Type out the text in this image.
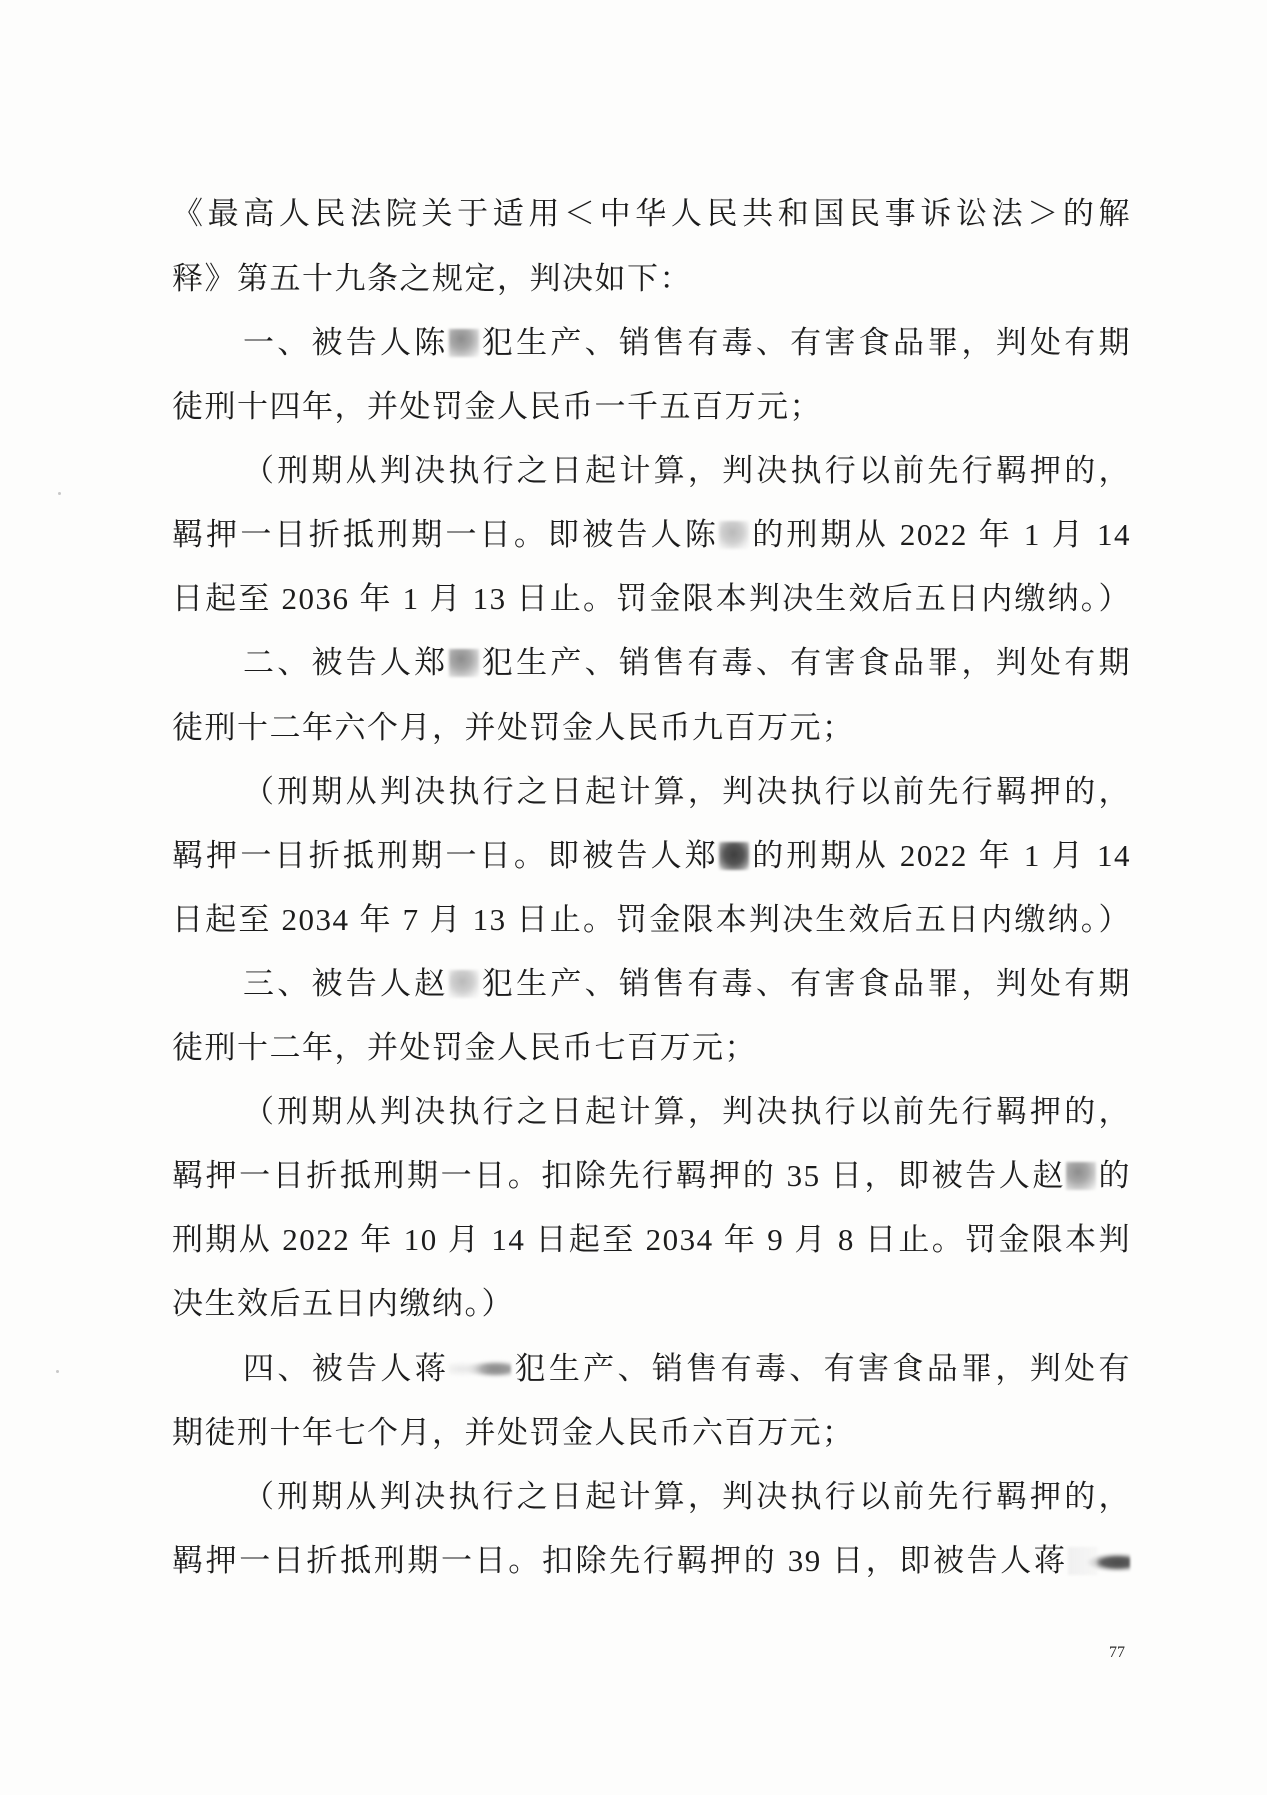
《最高人民法院关于适用＜中华人民共和国民事诉讼法＞的解
释》第五十九条之规定，判决如下：
一、被告人陈 犯生产、销售有毒、有害食品罪，判处有期
徒刑十四年，并处罚金人民币一千五百万元；
（刑期从判决执行之日起计算，判决执行以前先行羁押的，
羁押一日折抵刑期一日。即被告人陈 的刑期从 2022 年 1 月 14
日起至 2036 年 1 月 13 日止。罚金限本判决生效后五日内缴纳。）
二、被告人郑 犯生产、销售有毒、有害食品罪，判处有期
徒刑十二年六个月，并处罚金人民币九百万元；
（刑期从判决执行之日起计算，判决执行以前先行羁押的，
羁押一日折抵刑期一日。即被告人郑 的刑期从 2022 年 1 月 14
日起至 2034 年 7 月 13 日止。罚金限本判决生效后五日内缴纳。）
三、被告人赵 犯生产、销售有毒、有害食品罪，判处有期
徒刑十二年，并处罚金人民币七百万元；
（刑期从判决执行之日起计算，判决执行以前先行羁押的，
羁押一日折抵刑期一日。扣除先行羁押的 35 日，即被告人赵 的
刑期从 2022 年 10 月 14 日起至 2034 年 9 月 8 日止。罚金限本判
决生效后五日内缴纳。）
四、被告人蒋 犯生产、销售有毒、有害食品罪，判处有
期徒刑十年七个月，并处罚金人民币六百万元；
（刑期从判决执行之日起计算，判决执行以前先行羁押的，
羁押一日折抵刑期一日。扣除先行羁押的 39 日，即被告人蒋
77
